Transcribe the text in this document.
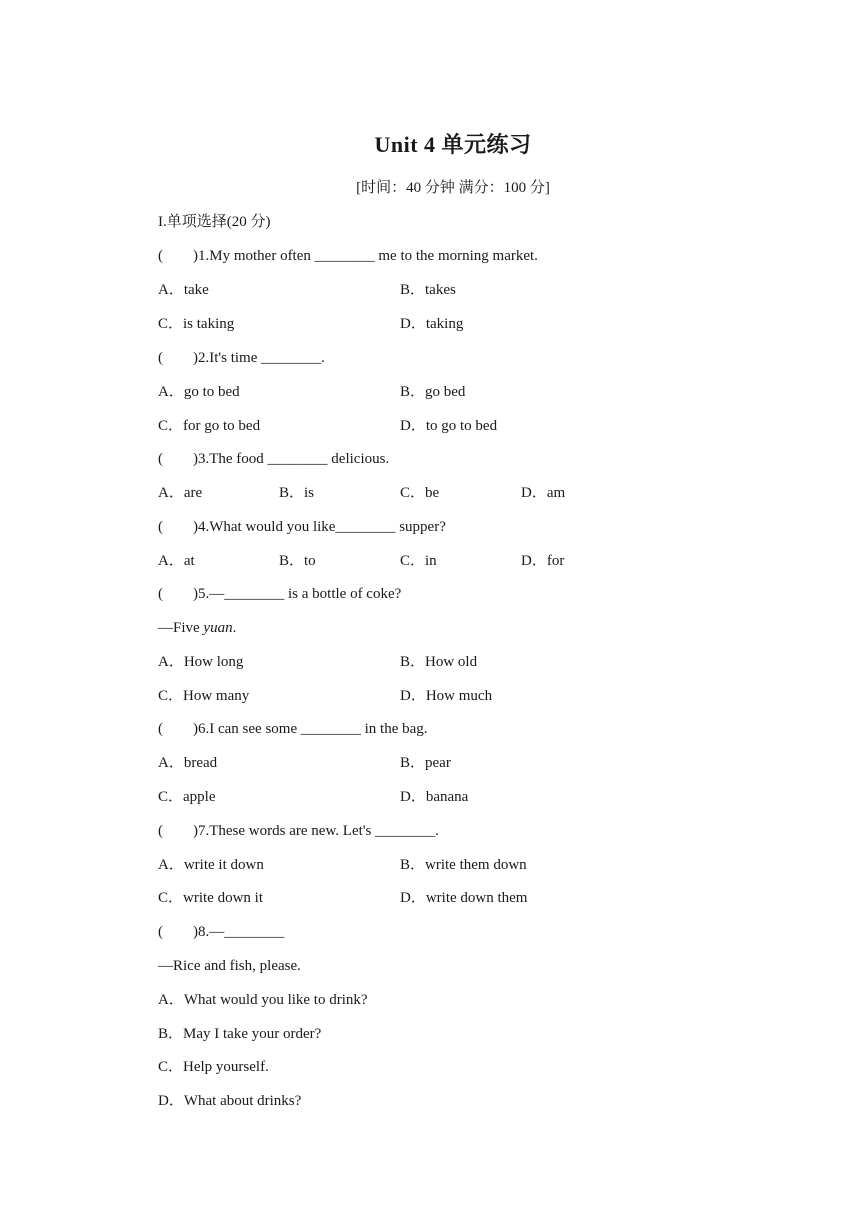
Unit 4 单元练习
[时间：40 分钟 满分：100 分]
I.单项选择(20 分)
(        )1.My mother often ________ me to the morning market.
A．take	B．takes
C．is taking	D．taking
(        )2.It's time ________.
A．go to bed	B．go bed
C．for go to bed	D．to go to bed
(        )3.The food ________ delicious.
A．are	B．is	C．be	D．am
(        )4.What would you like________ supper?
A．at	B．to	C．in	D．for
(        )5.—________ is a bottle of coke?
—Five yuan.
A．How long	B．How old
C．How many	D．How much
(        )6.I can see some ________ in the bag.
A．bread	B．pear
C．apple	D．banana
(        )7.These words are new. Let's ________.
A．write it down	B．write them down
C．write down it	D．write down them
(        )8.—________
—Rice and fish, please.
A．What would you like to drink?
B．May I take your order?
C．Help yourself.
D．What about drinks?
